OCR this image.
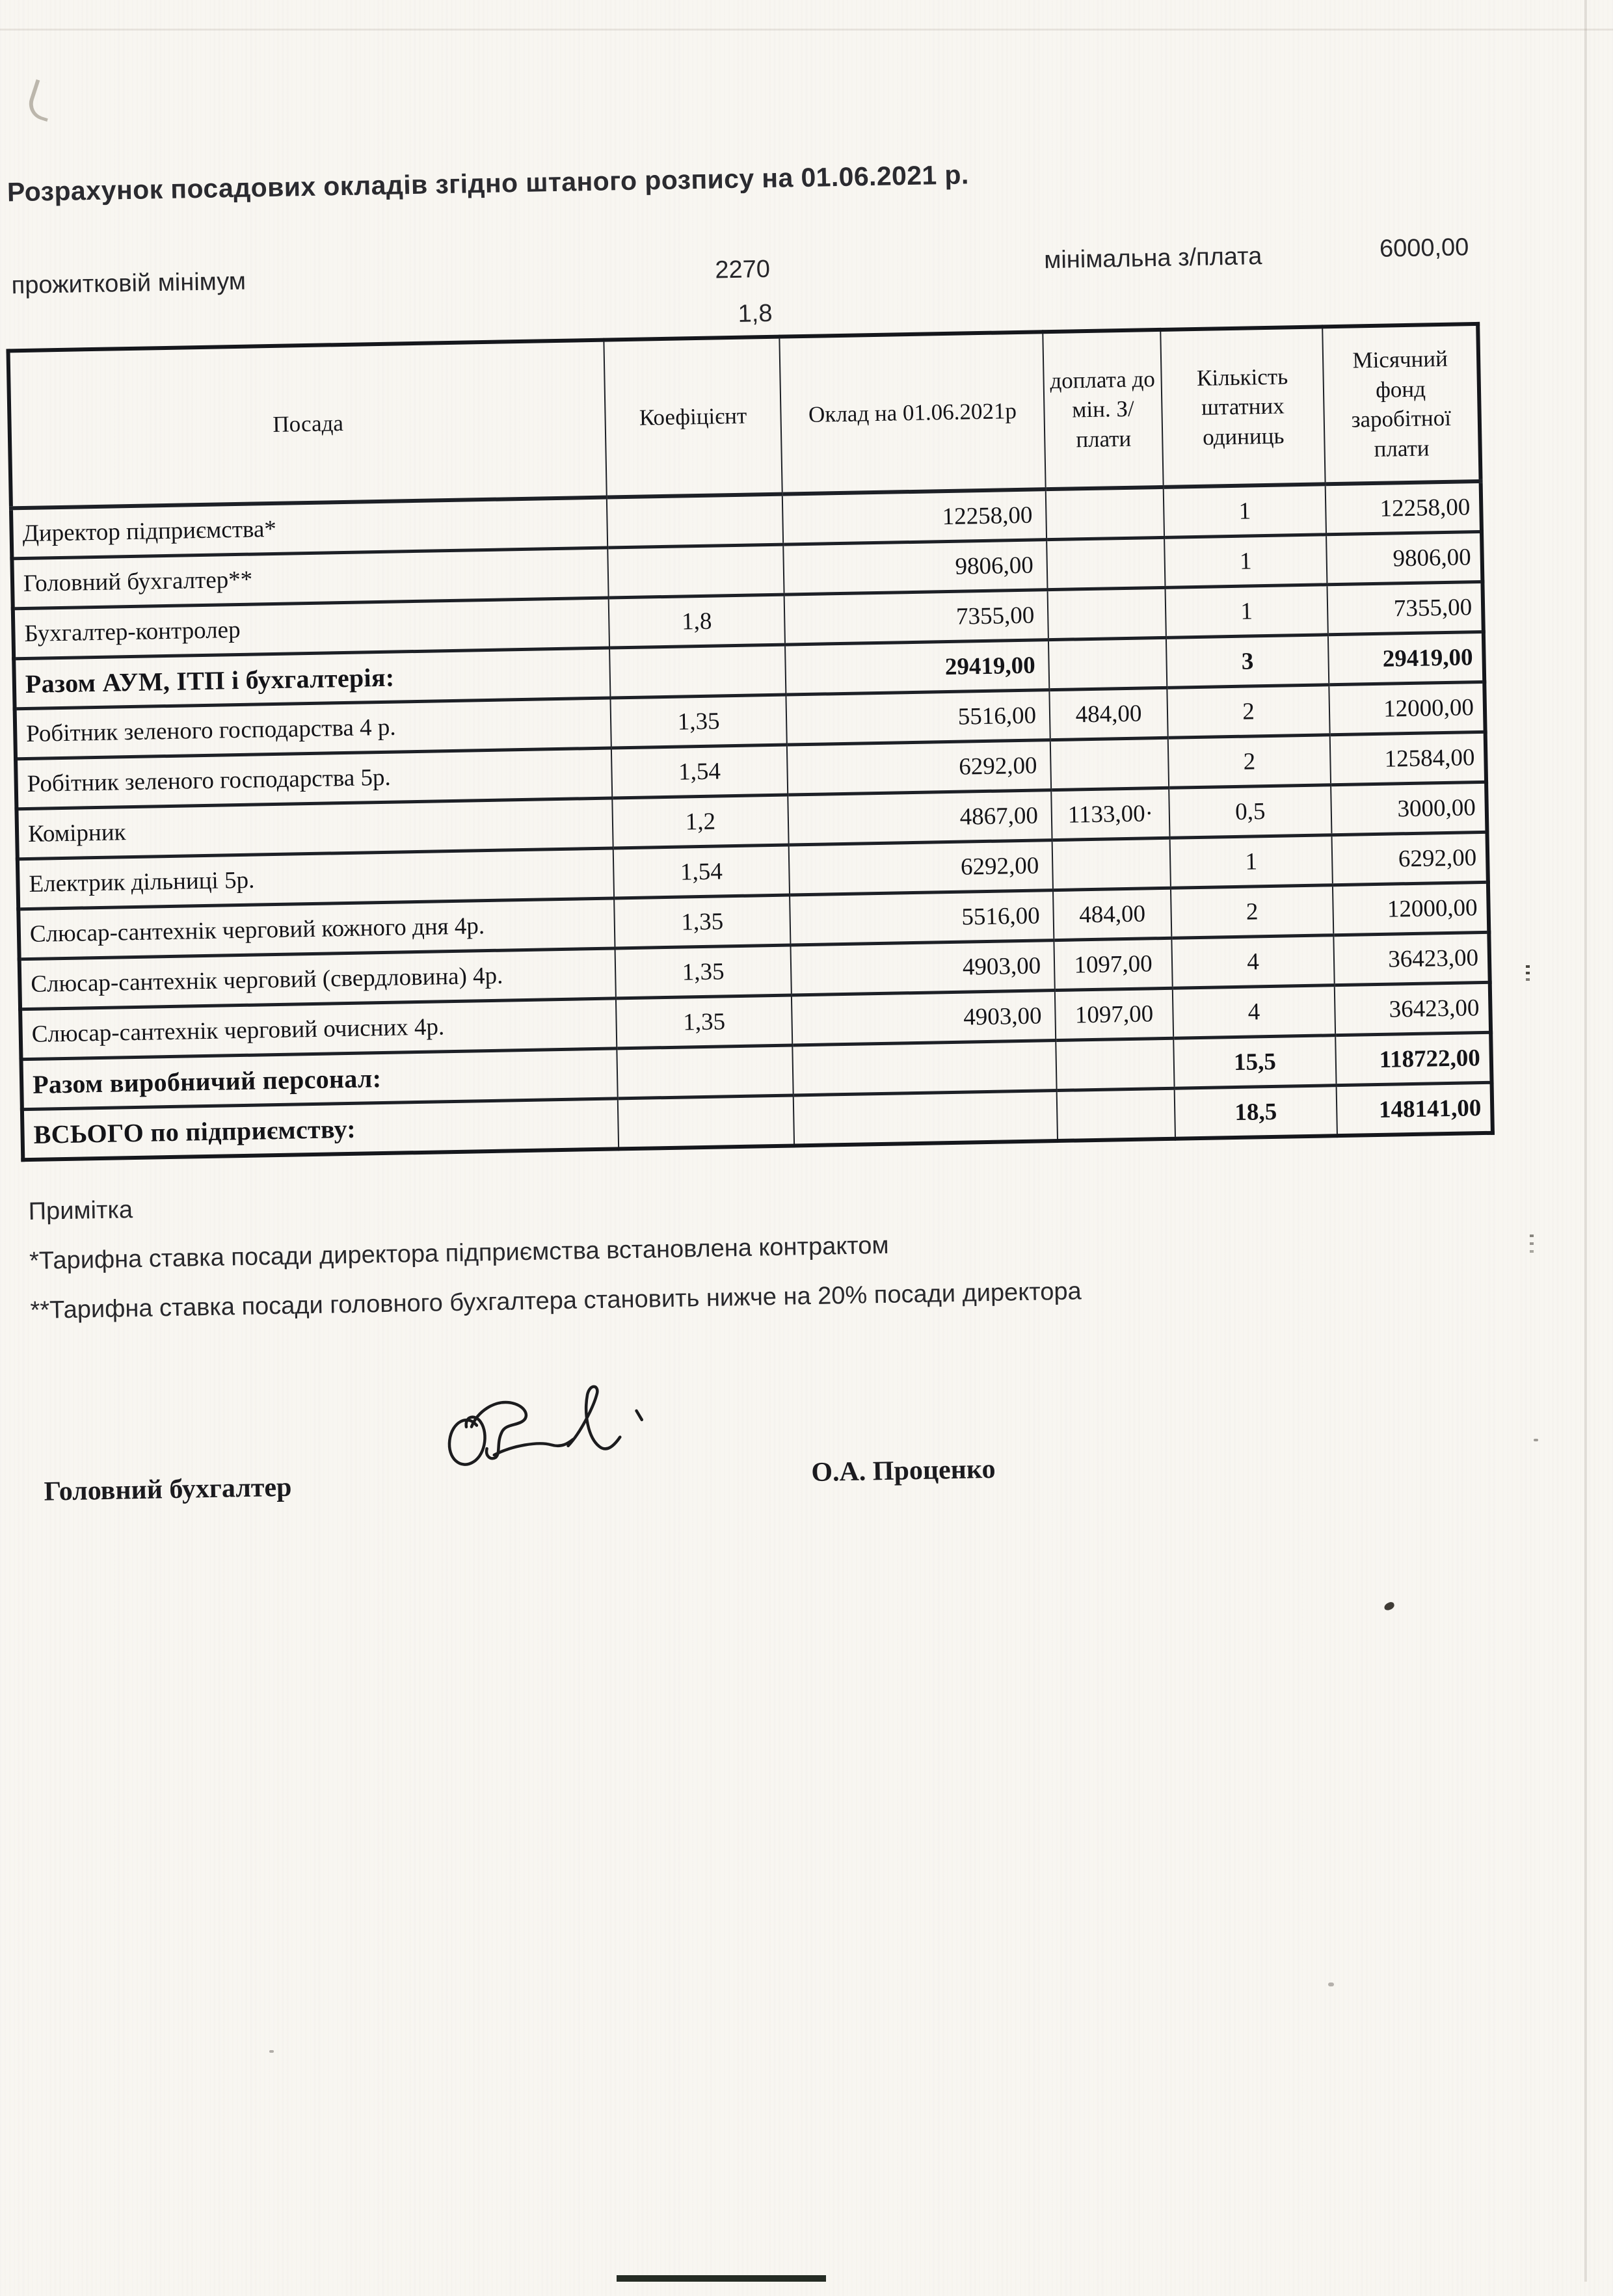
Розрахунок посадових окладів згідно штаного розпису на 01.06.2021 р.
прожитковій мінімум	2270	мінімальна з/плата	6000,00
1,8
Посада	Коефіцієнт	Оклад на 01.06.2021р	доплата до мін. З/плати	Кількість штатних одиниць	Місячний фонд заробітної плати
Директор підприємства*		12258,00		1	12258,00
Головний бухгалтер**		9806,00		1	9806,00
Бухгалтер-контролер	1,8	7355,00		1	7355,00
Разом АУМ, ІТП і бухгалтерія:		29419,00		3	29419,00
Робітник зеленого господарства 4 р.	1,35	5516,00	484,00	2	12000,00
Робітник зеленого господарства 5р.	1,54	6292,00		2	12584,00
Комірник	1,2	4867,00	1133,00·	0,5	3000,00
Електрик дільниці 5р.	1,54	6292,00		1	6292,00
Слюсар-сантехнік черговий кожного дня 4р.	1,35	5516,00	484,00	2	12000,00
Слюсар-сантехнік черговий (свердловина) 4р.	1,35	4903,00	1097,00	4	36423,00
Слюсар-сантехнік черговий очисних 4р.	1,35	4903,00	1097,00	4	36423,00
Разом виробничий персонал:				15,5	118722,00
ВСЬОГО по підприємству:				18,5	148141,00
Примітка
*Тарифна ставка посади директора підприємства встановлена контрактом
**Тарифна ставка посади головного бухгалтера становить нижче на 20% посади директора
Головний бухгалтер
О.А. Проценко
